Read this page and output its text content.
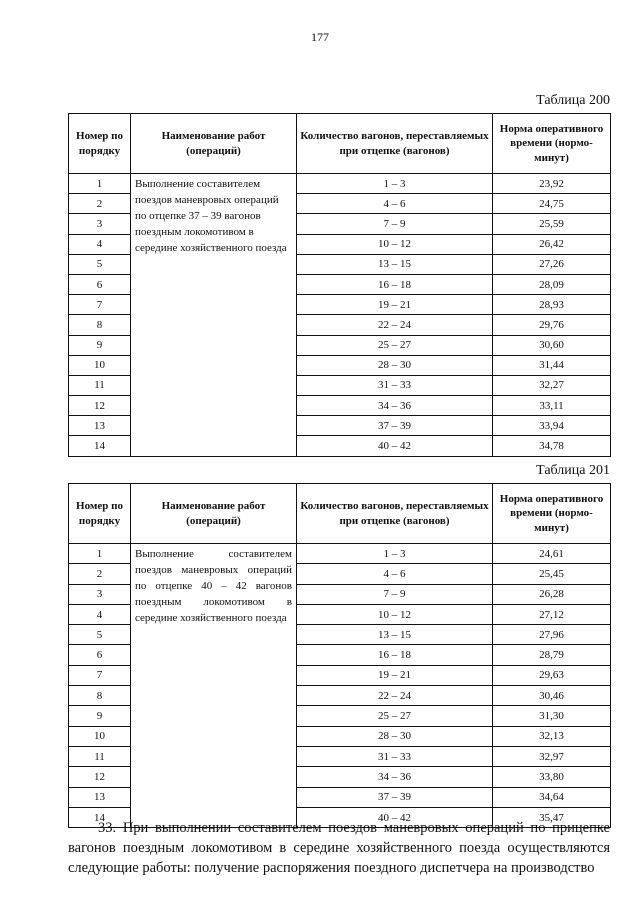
177
Таблица 200
Номер по порядку	Наименование работ (операций)	Количество вагонов, переставляемых при отцепке (вагонов)	Норма оперативного времени (нормо-минут)
1	Выполнение составителем поездов маневровых операций по отцепке 37 – 39 вагонов поездным локомотивом в середине хозяйственного поезда	1 – 3	23,92
2		4 – 6	24,75
3		7 – 9	25,59
4		10 – 12	26,42
5		13 – 15	27,26
6		16 – 18	28,09
7		19 – 21	28,93
8		22 – 24	29,76
9		25 – 27	30,60
10		28 – 30	31,44
11		31 – 33	32,27
12		34 – 36	33,11
13		37 – 39	33,94
14		40 – 42	34,78
Таблица 201
Номер по порядку	Наименование работ (операций)	Количество вагонов, переставляемых при отцепке (вагонов)	Норма оперативного времени (нормо-минут)
1	Выполнение составителем поездов маневровых операций по отцепке 40 – 42 вагонов поездным локомотивом в середине хозяйственного поезда	1 – 3	24,61
2		4 – 6	25,45
3		7 – 9	26,28
4		10 – 12	27,12
5		13 – 15	27,96
6		16 – 18	28,79
7		19 – 21	29,63
8		22 – 24	30,46
9		25 – 27	31,30
10		28 – 30	32,13
11		31 – 33	32,97
12		34 – 36	33,80
13		37 – 39	34,64
14		40 – 42	35,47
33. При выполнении составителем поездов маневровых операций по прицепке вагонов поездным локомотивом в середине хозяйственного поезда осуществляются следующие работы: получение распоряжения поездного диспетчера на производство
